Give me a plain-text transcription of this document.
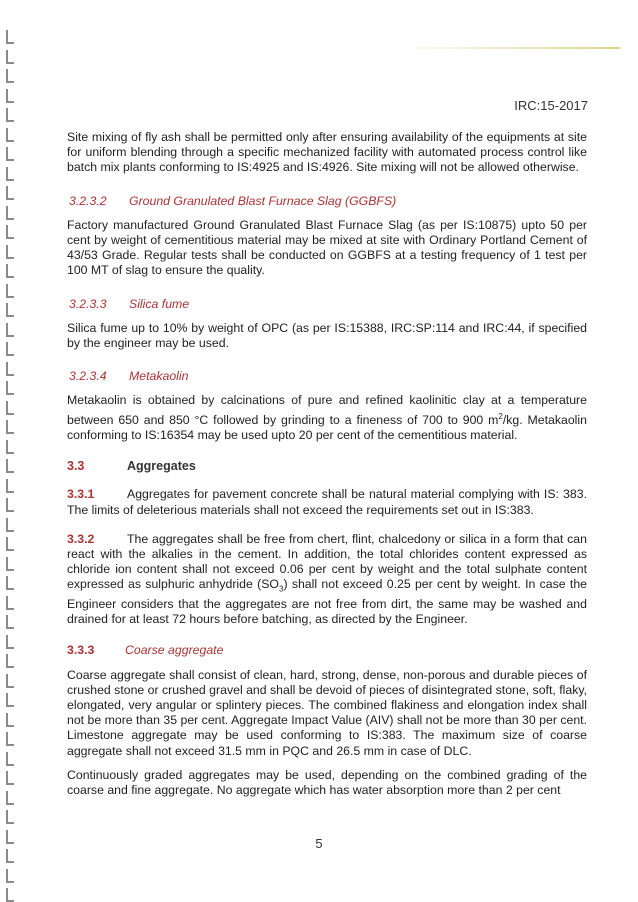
IRC:15-2017

Site mixing of fly ash shall be permitted only after ensuring availability of the equipments at site for uniform blending through a specific mechanized facility with automated process control like batch mix plants conforming to IS:4925 and IS:4926. Site mixing will not be allowed otherwise.

3.2.3.2 Ground Granulated Blast Furnace Slag (GGBFS)

Factory manufactured Ground Granulated Blast Furnace Slag (as per IS:10875) upto 50 per cent by weight of cementitious material may be mixed at site with Ordinary Portland Cement of 43/53 Grade. Regular tests shall be conducted on GGBFS at a testing frequency of 1 test per 100 MT of slag to ensure the quality.

3.2.3.3 Silica fume

Silica fume up to 10% by weight of OPC (as per IS:15388, IRC:SP:114 and IRC:44, if specified by the engineer may be used.

3.2.3.4 Metakaolin

Metakaolin is obtained by calcinations of pure and refined kaolinitic clay at a temperature between 650 and 850 °C followed by grinding to a fineness of 700 to 900 $m^2/kg$. Metakaolin conforming to IS:16354 may be used upto 20 per cent of the cementitious material.

3.3	Aggregates

3.3.1	Aggregates for pavement concrete shall be natural material complying with IS: 383. The limits of deleterious materials shall not exceed the requirements set out in IS:383.

3.3.2	The aggregates shall be free from chert, flint, chalcedony or silica in a form that can react with the alkalies in the cement. In addition, the total chlorides content expressed as chloride ion content shall not exceed 0.06 per cent by weight and the total sulphate content expressed as sulphuric anhydride $(SO_3)$ shall not exceed 0.25 per cent by weight. In case the Engineer considers that the aggregates are not free from dirt, the same may be washed and drained for at least 72 hours before batching, as directed by the Engineer.

3.3.3 Coarse aggregate

Coarse aggregate shall consist of clean, hard, strong, dense, non-porous and durable pieces of crushed stone or crushed gravel and shall be devoid of pieces of disintegrated stone, soft, flaky, elongated, very angular or splintery pieces. The combined flakiness and elongation index shall not be more than 35 per cent. Aggregate Impact Value (AIV) shall not be more than 30 per cent. Limestone aggregate may be used conforming to IS:383. The maximum size of coarse aggregate shall not exceed 31.5 mm in PQC and 26.5 mm in case of DLC.

Continuously graded aggregates may be used, depending on the combined grading of the coarse and fine aggregate. No aggregate which has water absorption more than 2 per cent

5
